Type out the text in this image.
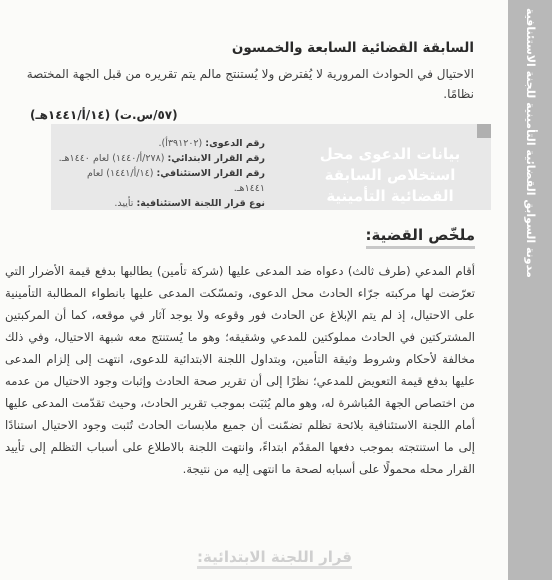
مدونة السوابق القضائية التأمينية للجنة الاستئنافية
السابقة القضائية السابعة والخمسون
الاحتيال في الحوادث المرورية لا يُفترض ولا يُستنتج مالم يتم تقريره من قبل الجهة المختصة نظامًا.
(٥٧/س.ت) (١٤/أ/١٤٤١هـ)
بيانات الدعوى محل استخلاص السابقة القضائية التأمينية
رقم الدعوى: (٣٩١٢٠٢أ).
رقم القرار الابتدائي: (٢٧٨/أ/١٤٤٠) لعام ١٤٤٠هـ.
رقم القرار الاستئنافي: (١٤/أ/١٤٤١) لعام ١٤٤١هـ.
نوع قرار اللجنة الاستئنافية: تأييد.
ملخّص القضية:

أقام المدعي (طرف ثالث) دعواه ضد المدعى عليها (شركة تأمين) يطالبها بدفع قيمة الأضرار التي تعرّضت لها مركبته جرّاء الحادث محل الدعوى، وتمسّكت المدعى عليها بانطواء المطالبة التأمينية على الاحتيال، إذ لم يتم الإبلاغ عن الحادث فور وقوعه ولا يوجد آثار في موقعه، كما أن المركبتين المشتركتين في الحادث مملوكتين للمدعي وشقيقه؛ وهو ما يُستنتج معه شبهة الاحتيال، وفي ذلك مخالفة لأحكام وشروط وثيقة التأمين، وبتداول اللجنة الابتدائية للدعوى، انتهت إلى إلزام المدعى عليها بدفع قيمة التعويض للمدعي؛ نظرًا إلى أن تقرير صحة الحادث وإثبات وجود الاحتيال من عدمه من اختصاص الجهة المُباشرة له، وهو مالم يُثبَت بموجب تقرير الحادث، وحيث تقدّمت المدعى عليها أمام اللجنة الاستئنافية بلائحة تظلم تضمّنت أن جميع ملابسات الحادث تُثبت وجود الاحتيال استنادًا إلى ما استنتجته بموجب دفعها المقدّم ابتداءً، وانتهت اللجنة بالاطلاع على أسباب التظلم إلى تأييد القرار محله محمولًا على أسبابه لصحة ما انتهى إليه من نتيجة.

قرار اللجنة الابتدائية:
